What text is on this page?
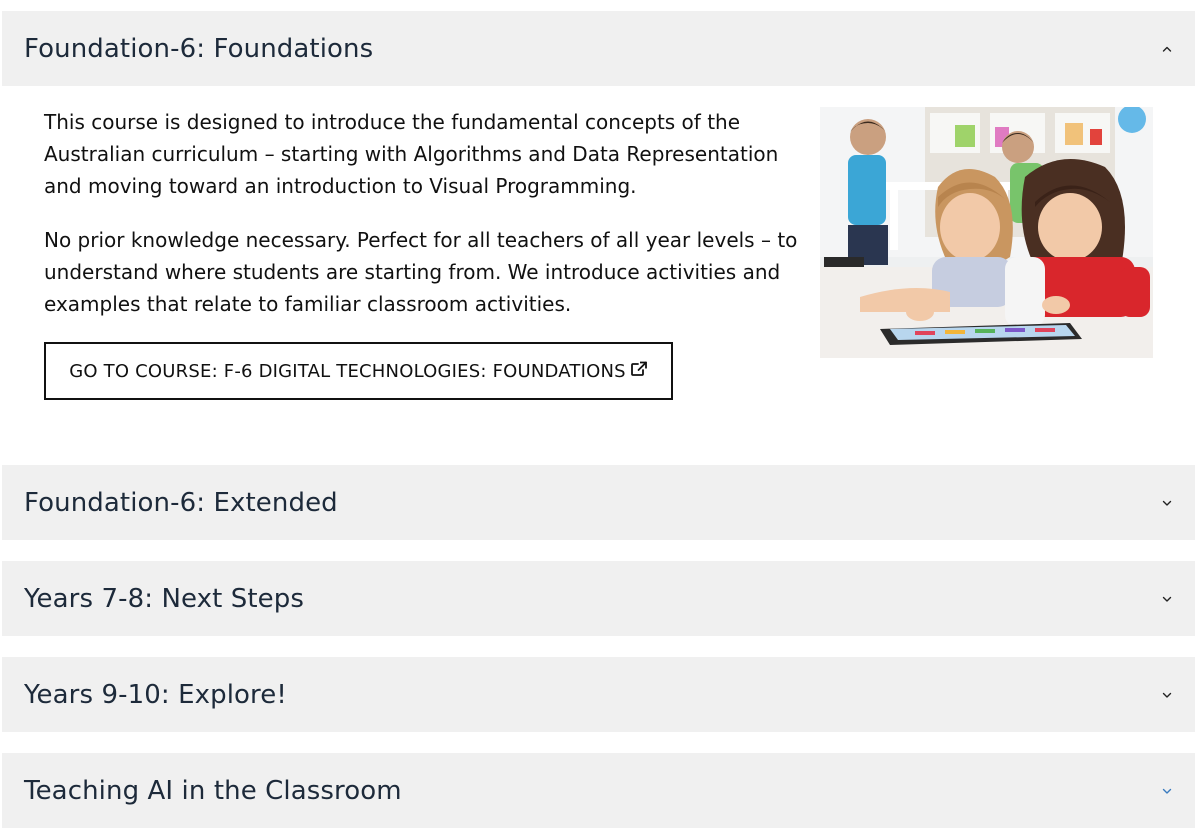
Foundation-6: Foundations

This course is designed to introduce the fundamental concepts of the Australian curriculum – starting with Algorithms and Data Representation and moving toward an introduction to Visual Programming.

No prior knowledge necessary. Perfect for all teachers of all year levels – to understand where students are starting from. We introduce activities and examples that relate to familiar classroom activities.

GO TO COURSE: F-6 DIGITAL TECHNOLOGIES: FOUNDATIONS
Foundation-6: Extended
Years 7-8: Next Steps
Years 9-10: Explore!
Teaching AI in the Classroom
